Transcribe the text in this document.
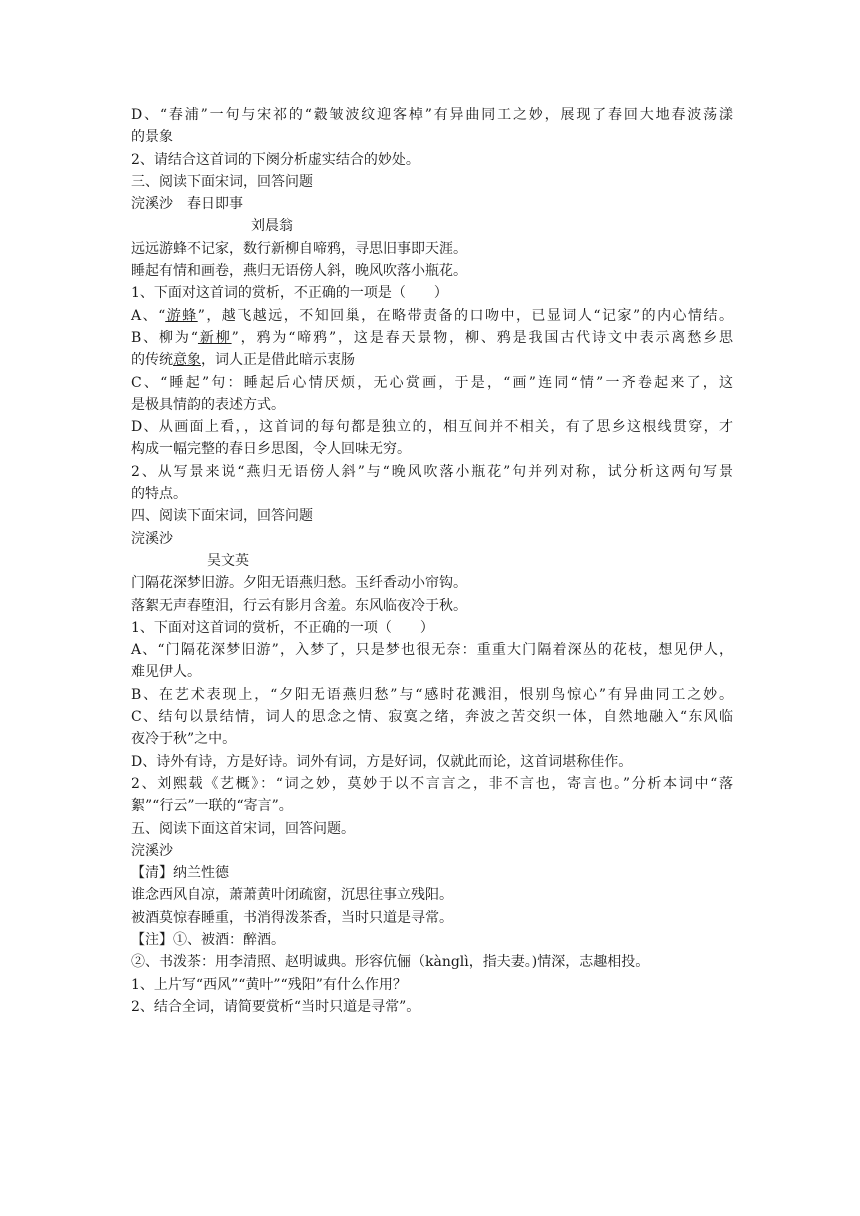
D、“春浦”一句与宋祁的“縠皱波纹迎客棹”有异曲同工之妙，展现了春回大地春波荡漾
的景象
2、请结合这首词的下阕分析虚实结合的妙处。
三、阅读下面宋词，回答问题
浣溪沙　春日即事
刘晨翁
远远游蜂不记家，数行新柳自啼鸦，寻思旧事即天涯。
睡起有情和画卷，燕归无语傍人斜，晚风吹落小瓶花。
1、下面对这首词的赏析，不正确的一项是（　　）
A、“游蜂”，越飞越远，不知回巢，在略带责备的口吻中，已显词人“记家”的内心情结。
B、柳为“新柳”，鸦为“啼鸦”，这是春天景物，柳、鸦是我国古代诗文中表示离愁乡思
的传统意象，词人正是借此暗示衷肠
C、“睡起”句：睡起后心情厌烦，无心赏画，于是，“画”连同“情”一齐卷起来了，这
是极具情韵的表述方式。
D、从画面上看，，这首词的每句都是独立的，相互间并不相关，有了思乡这根线贯穿，才
构成一幅完整的春日乡思图，令人回味无穷。
2、从写景来说“燕归无语傍人斜”与“晚风吹落小瓶花”句并列对称，试分析这两句写景
的特点。
四、阅读下面宋词，回答问题
浣溪沙
吴文英
门隔花深梦旧游。夕阳无语燕归愁。玉纤香动小帘钩。
落絮无声春堕泪，行云有影月含羞。东风临夜冷于秋。
1、下面对这首词的赏析，不正确的一项（　　）
A、“门隔花深梦旧游”，入梦了，只是梦也很无奈：重重大门隔着深丛的花枝，想见伊人，
难见伊人。
B、在艺术表现上，“夕阳无语燕归愁”与“感时花溅泪，恨别鸟惊心”有异曲同工之妙。
C、结句以景结情，词人的思念之情、寂寞之绪，奔波之苦交织一体，自然地融入“东风临
夜冷于秋”之中。
D、诗外有诗，方是好诗。词外有词，方是好词，仅就此而论，这首词堪称佳作。
2、刘熙载《艺概》：“词之妙，莫妙于以不言言之，非不言也，寄言也。”分析本词中“落
絮”“行云”一联的“寄言”。
五、阅读下面这首宋词，回答问题。
浣溪沙
【清】纳兰性德
谁念西风自凉，萧萧黄叶闭疏窗，沉思往事立残阳。
被酒莫惊春睡重，书消得泼茶香，当时只道是寻常。
【注】①、被酒：醉酒。
②、书泼茶：用李清照、赵明诚典。形容伉俪（kànglì，指夫妻。)情深，志趣相投。
1、上片写“西风”“黄叶”“残阳”有什么作用？
2、结合全词，请简要赏析“当时只道是寻常”。
